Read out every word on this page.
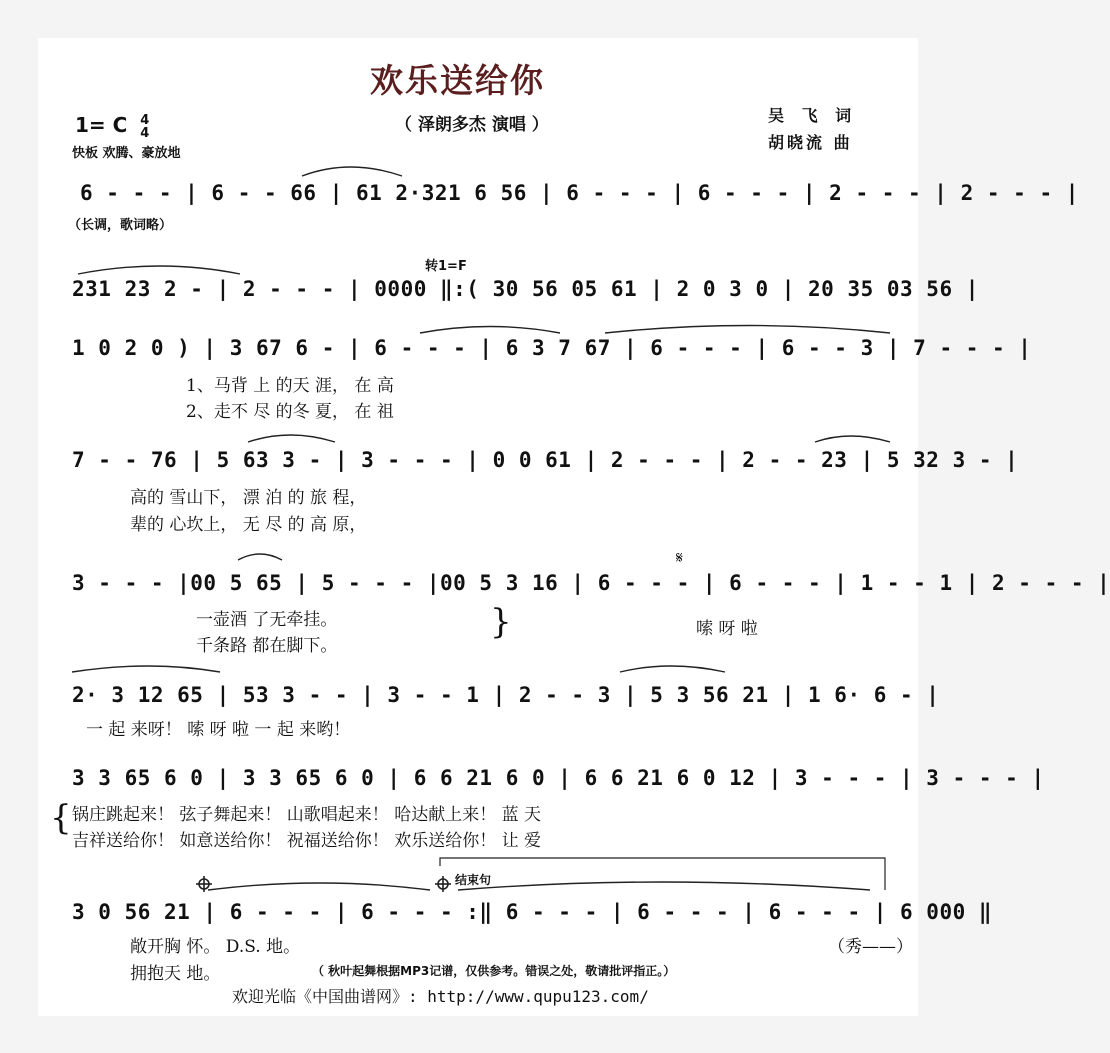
欢乐送给你
（ 泽朗多杰 演唱 ）	吴 飞 词
胡晓流 曲
1= C 4
4
快板 欢腾、豪放地
6 - - - | 6 - - 66 | 61 2·321 6 56 | 6 - - - | 6 - - - | 2 - - - | 2 - - - |
（长调，歌词略）
转1=F
231 23 2 - | 2 - - - | 0000 ‖:( 30 56 05 61 | 2 0 3 0 | 20 35 03 56 |
1 0 2 0 ) | 3 67 6 - | 6 - - - | 6 3 7 67 | 6 - - - | 6 - - 3 | 7 - - - |
1、马背 上 的天 涯， 在 高
2、走不 尽 的冬 夏， 在 祖
7 - - 76 | 5 63 3 - | 3 - - - | 0 0 61 | 2 - - - | 2 - - 23 | 5 32 3 - |
高的 雪山下， 漂 泊 的 旅 程，
辈的 心坎上， 无 尽 的 高 原，
3 - - - |00 5 65 | 5 - - - |00 5 3 16 | 6 - - - | 6 - - - | 1 - - 1 | 2 - - - |
一壶酒 了无牵挂。
千条路 都在脚下。
}	嗦 呀 啦
2· 3 12 65 | 53 3 - - | 3 - - 1 | 2 - - 3 | 5 3 56 21 | 1 6· 6 - |
一 起 来呀！ 嗦 呀 啦 一 起 来哟！
3 3 65 6 0 | 3 3 65 6 0 | 6 6 21 6 0 | 6 6 21 6 0 12 | 3 - - - | 3 - - - |
{ 锅庄跳起来！ 弦子舞起来！ 山歌唱起来！ 哈达献上来！ 蓝 天
吉祥送给你！ 如意送给你！ 祝福送给你！ 欢乐送给你！ 让 爱
结束句
3 0 56 21 | 6 - - - | 6 - - - :‖ 6 - - - | 6 - - - | 6 - - - | 6 000 ‖
敞开胸 怀。 D.S. 地。
拥抱天 地。
（秀——）
（ 秋叶起舞根据MP3记谱，仅供参考。错误之处，敬请批评指正。）
欢迎光临《中国曲谱网》: http://www.qupu123.com/
𝄋
